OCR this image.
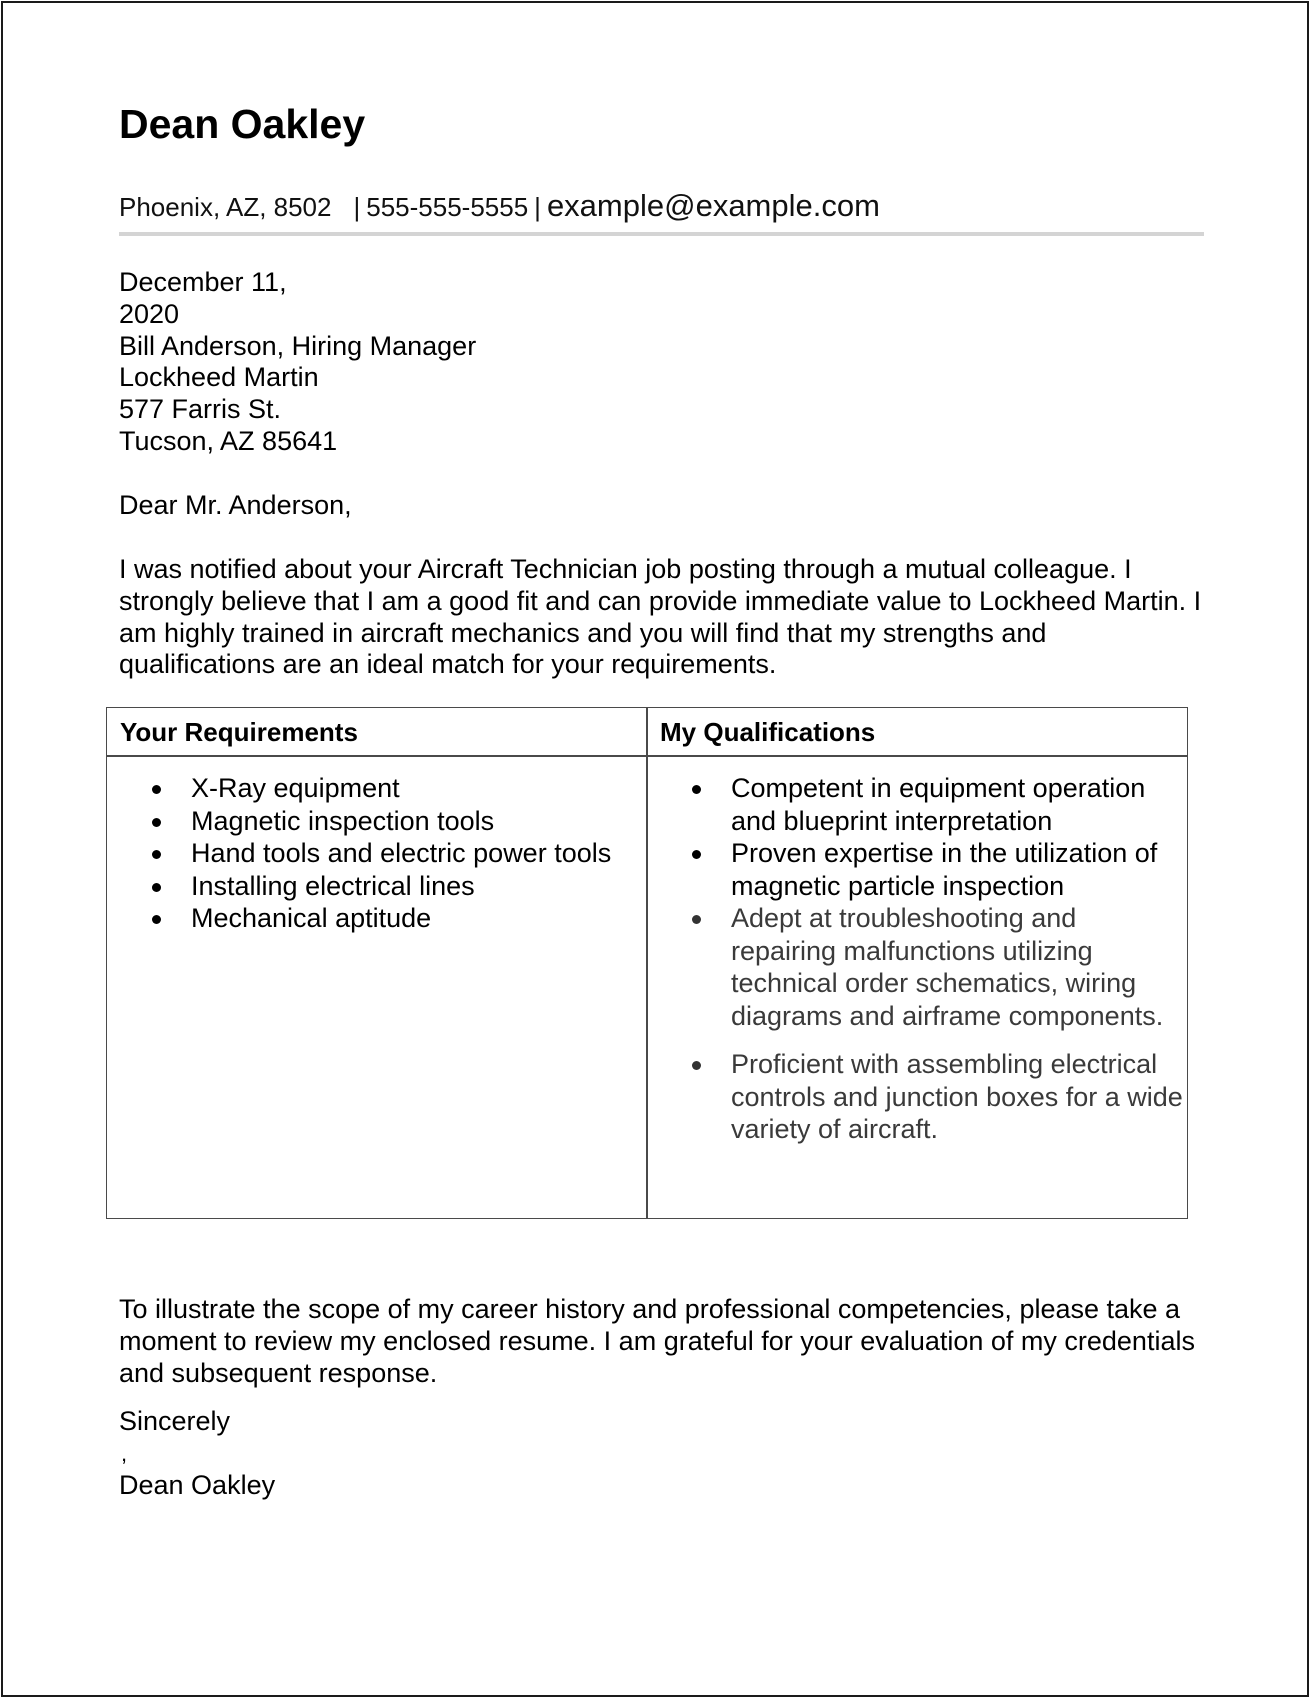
Dean Oakley
Phoenix, AZ, 8502 | 555-555-5555 | example@example.com
December 11,
2020
Bill Anderson, Hiring Manager
Lockheed Martin
577 Farris St.
Tucson, AZ 85641

Dear Mr. Anderson,

I was notified about your Aircraft Technician job posting through a mutual colleague. I strongly believe that I am a good fit and can provide immediate value to Lockheed Martin. I am highly trained in aircraft mechanics and you will find that my strengths and qualifications are an ideal match for your requirements.

Your Requirements	My Qualifications
X-Ray equipment
Magnetic inspection tools
Hand tools and electric power tools
Installing electrical lines
Mechanical aptitude
Competent in equipment operation and blueprint interpretation
Proven expertise in the utilization of magnetic particle inspection
Adept at troubleshooting and repairing malfunctions utilizing technical order schematics, wiring diagrams and airframe components.
Proficient with assembling electrical controls and junction boxes for a wide variety of aircraft.

To illustrate the scope of my career history and professional competencies, please take a moment to review my enclosed resume. I am grateful for your evaluation of my credentials and subsequent response.

Sincerely

,

Dean Oakley
